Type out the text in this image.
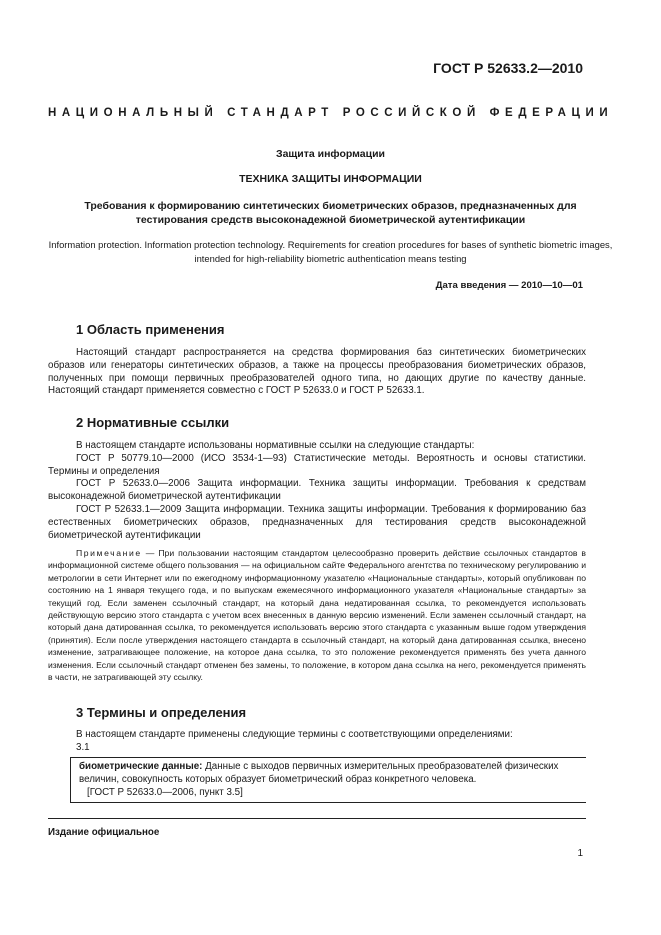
ГОСТ Р 52633.2—2010
НАЦИОНАЛЬНЫЙ СТАНДАРТ РОССИЙСКОЙ ФЕДЕРАЦИИ
Защита информации
ТЕХНИКА ЗАЩИТЫ ИНФОРМАЦИИ
Требования к формированию синтетических биометрических образов, предназначенных для тестирования средств высоконадежной биометрической аутентификации
Information protection. Information protection technology. Requirements for creation procedures for bases of synthetic biometric images, intended for high-reliability biometric authentication means testing
Дата введения — 2010—10—01
1 Область применения

Настоящий стандарт распространяется на средства формирования баз синтетических биометрических образов или генераторы синтетических образов, а также на процессы преобразования биометрических образов, полученных при помощи первичных преобразователей одного типа, но дающих другие по качеству данные. Настоящий стандарт применяется совместно с ГОСТ Р 52633.0 и ГОСТ Р 52633.1.

2 Нормативные ссылки

В настоящем стандарте использованы нормативные ссылки на следующие стандарты:

ГОСТ Р 50779.10—2000 (ИСО 3534-1—93) Статистические методы. Вероятность и основы статистики. Термины и определения

ГОСТ Р 52633.0—2006 Защита информации. Техника защиты информации. Требования к средствам высоконадежной биометрической аутентификации

ГОСТ Р 52633.1—2009 Защита информации. Техника защиты информации. Требования к формированию баз естественных биометрических образов, предназначенных для тестирования средств высоконадежной биометрической аутентификации

Примечание — При пользовании настоящим стандартом целесообразно проверить действие ссылочных стандартов в информационной системе общего пользования — на официальном сайте Федерального агентства по техническому регулированию и метрологии в сети Интернет или по ежегодному информационному указателю «Национальные стандарты», который опубликован по состоянию на 1 января текущего года, и по выпускам ежемесячного информационного указателя «Национальные стандарты» за текущий год. Если заменен ссылочный стандарт, на который дана недатированная ссылка, то рекомендуется использовать действующую версию этого стандарта с учетом всех внесенных в данную версию изменений. Если заменен ссылочный стандарт, на который дана датированная ссылка, то рекомендуется использовать версию этого стандарта с указанным выше годом утверждения (принятия). Если после утверждения настоящего стандарта в ссылочный стандарт, на который дана датированная ссылка, внесено изменение, затрагивающее положение, на которое дана ссылка, то это положение рекомендуется применять без учета данного изменения. Если ссылочный стандарт отменен без замены, то положение, в котором дана ссылка на него, рекомендуется применять в части, не затрагивающей эту ссылку.

3 Термины и определения

В настоящем стандарте применены следующие термины с соответствующими определениями:

3.1

биометрические данные: Данные с выходов первичных измерительных преобразователей физических величин, совокупность которых образует биометрический образ конкретного человека.

[ГОСТ Р 52633.0—2006, пункт 3.5]

Издание официальное
1
